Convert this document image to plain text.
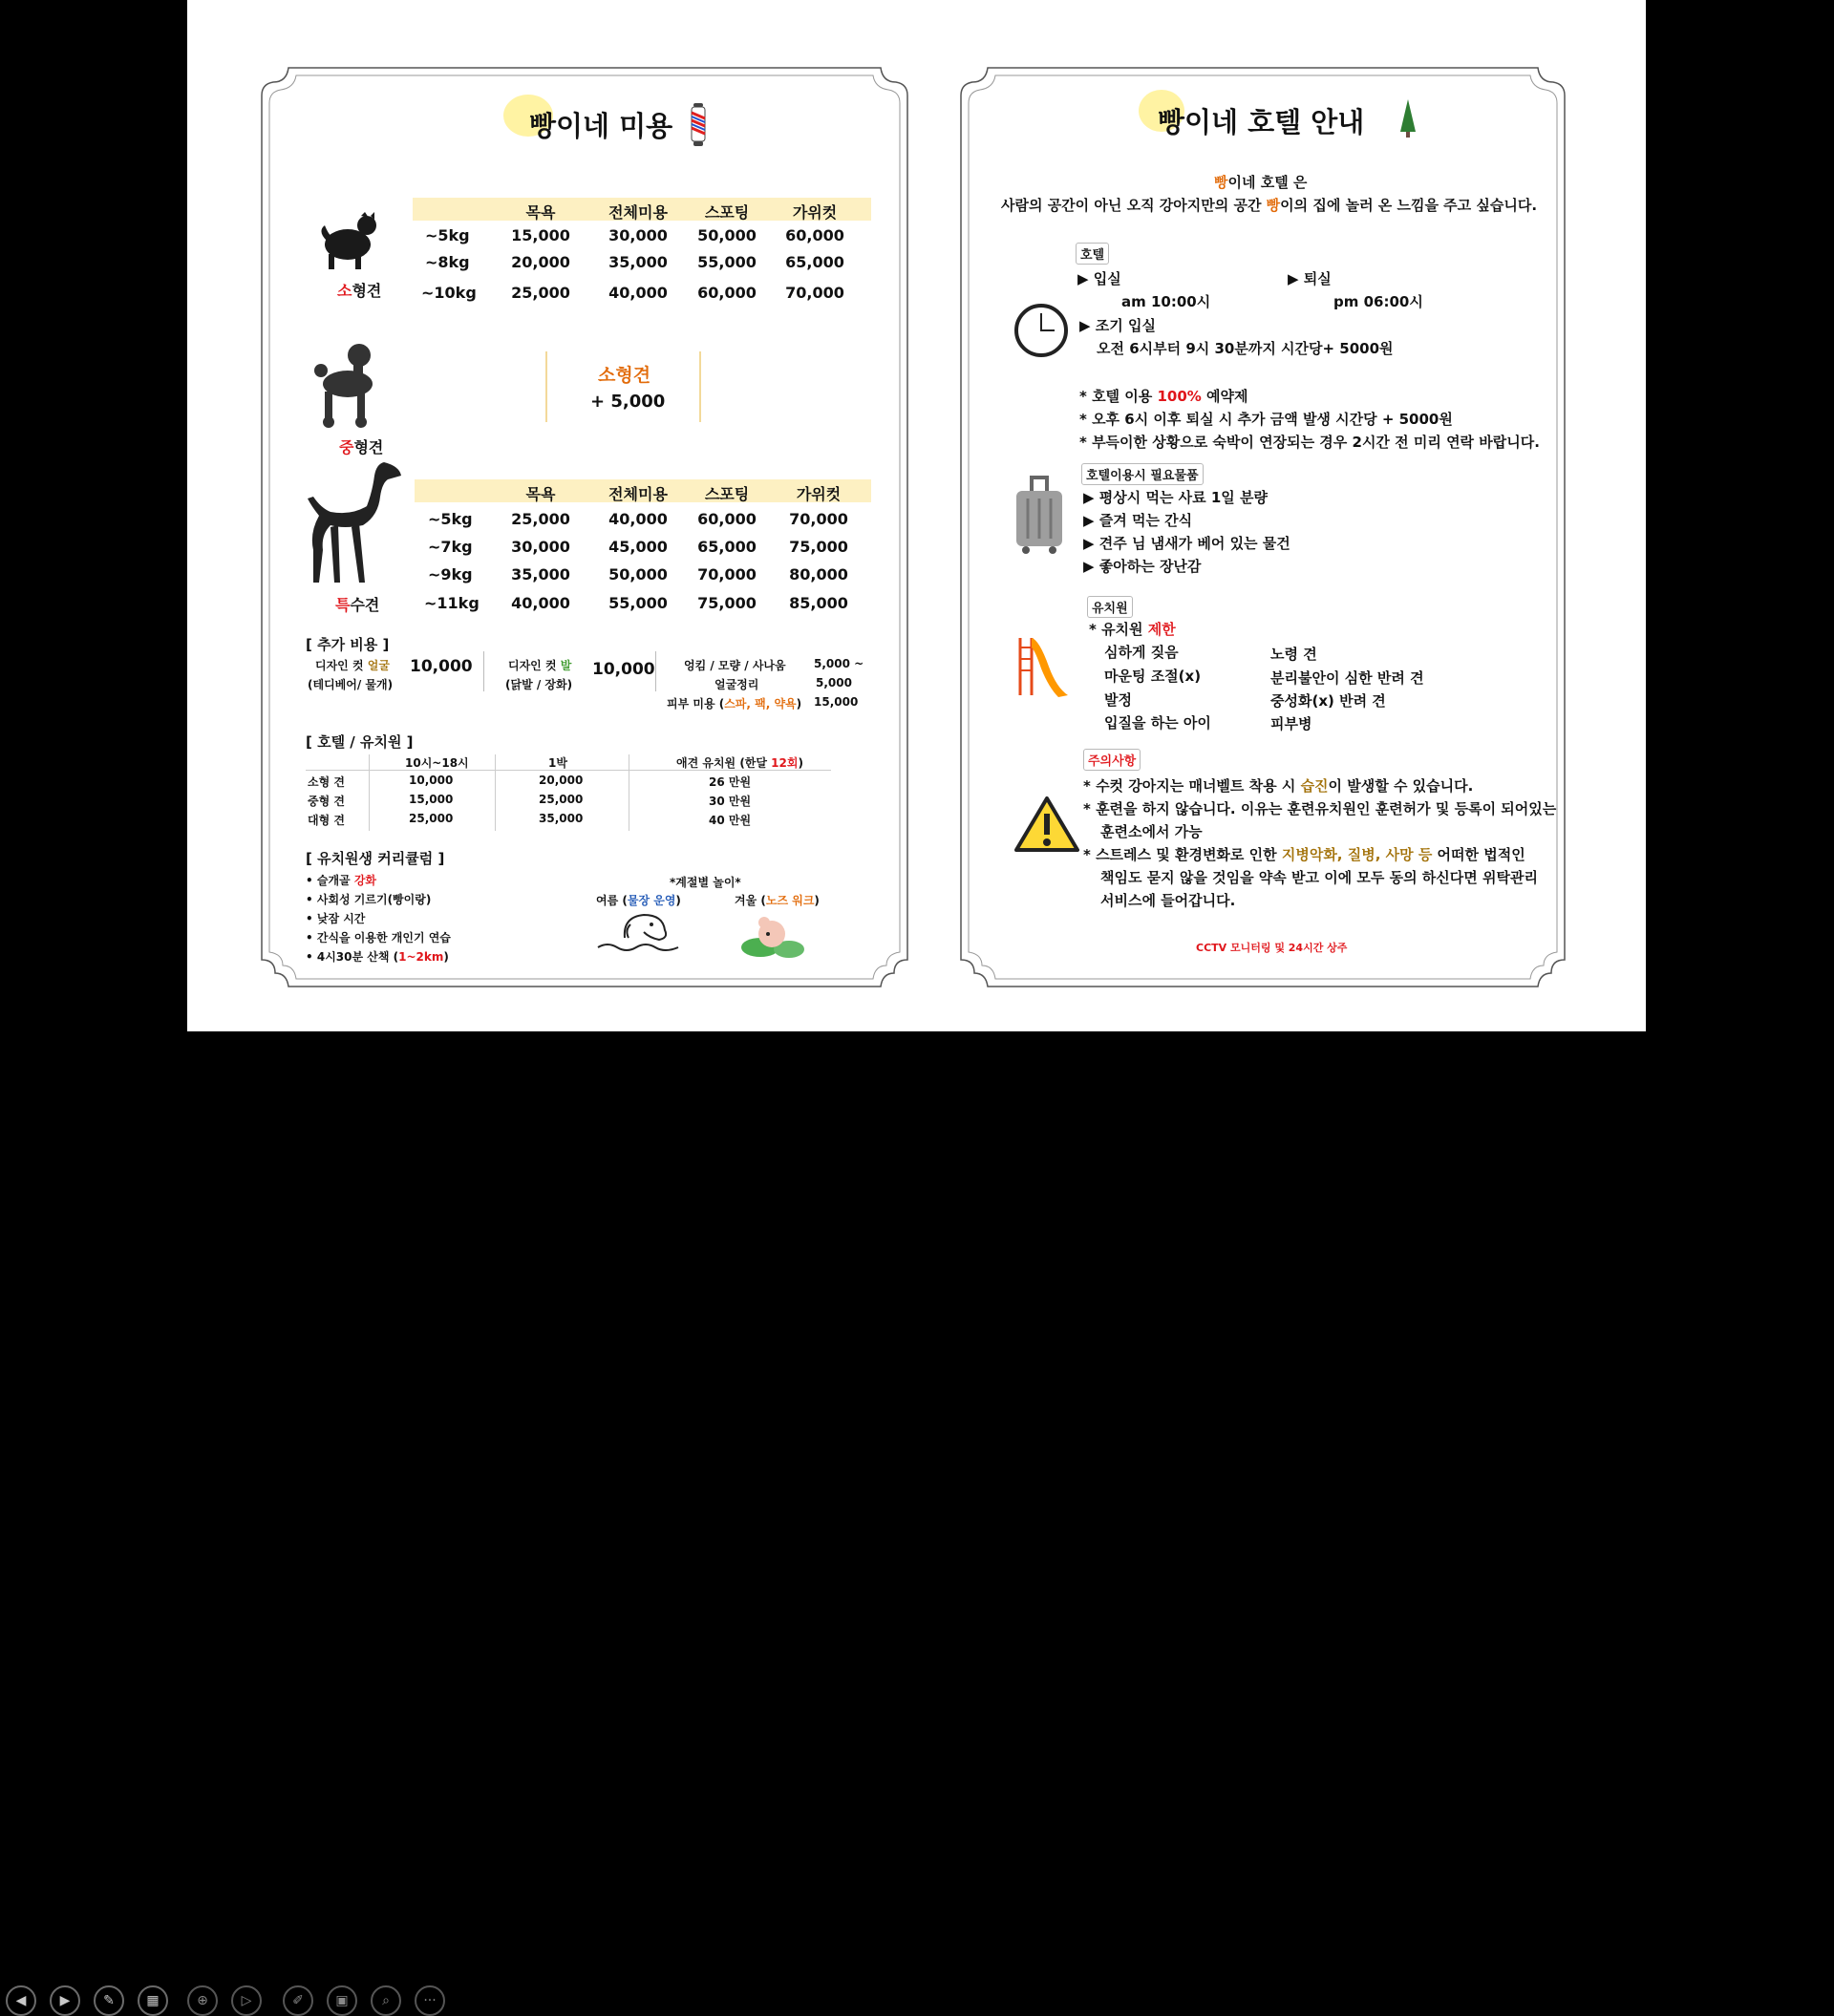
빵이네 미용
소형견
목욕	전체미용	스포팅	가위컷
~5kg	15,000	30,000	50,000	60,000
~8kg	20,000	35,000	55,000	65,000
~10kg	25,000	40,000	60,000	70,000
중형견
소형견
+ 5,000
특수견
목욕	전체미용	스포팅	가위컷
~5kg	25,000	40,000	60,000	70,000
~7kg	30,000	45,000	65,000	75,000
~9kg	35,000	50,000	70,000	80,000
~11kg	40,000	55,000	75,000	85,000
[ 추가 비용 ]
디자인 컷 얼굴
(테디베어/ 물개)
10,000	디자인 컷 발
(닭발 / 장화)
10,000	엉킴 / 모량 / 사나움 5,000 ~
얼굴정리	5,000
피부 미용 (스파, 팩, 약욕) 15,000
[ 호텔 / 유치원 ]
10시~18시	1박	애견 유치원 (한달 12회)
소형 견	10,000	20,000	26 만원
중형 견	15,000	25,000	30 만원
대형 견	25,000	35,000	40 만원
[ 유치원생 커리큘럼 ]
• 슬개골 강화
• 사회성 기르기(빵이랑)
• 낮잠 시간
• 간식을 이용한 개인기 연습
• 4시30분 산책 (1~2km)
*계절별 놀이*
여름 (물장 운영)	겨울 (노즈 워크)
빵이네 호텔 안내
빵이네 호텔 은
사람의 공간이 아닌 오직 강아지만의 공간 빵이의 집에 놀러 온 느낌을 주고 싶습니다.
호텔
▶ 입실
am 10:00시
▶ 퇴실
pm 06:00시
▶ 조기 입실
오전 6시부터 9시 30분까지 시간당+ 5000원
* 호텔 이용 100% 예약제
* 오후 6시 이후 퇴실 시 추가 금액 발생 시간당 + 5000원
* 부득이한 상황으로 숙박이 연장되는 경우 2시간 전 미리 연락 바랍니다.
호텔이용시 필요물품
▶ 평상시 먹는 사료 1일 분량
▶ 즐겨 먹는 간식
▶ 견주 님 냄새가 베어 있는 물건
▶ 좋아하는 장난감
유치원
* 유치원 제한
심하게 짖음
마운팅 조절(x)
발정
입질을 하는 아이
노령 견
분리불안이 심한 반려 견
중성화(x) 반려 견
피부병
주의사항
* 수컷 강아지는 매너벨트 착용 시 습진이 발생할 수 있습니다.
* 훈련을 하지 않습니다. 이유는 훈련유치원인 훈련허가 및 등록이 되어있는
훈련소에서 가능
* 스트레스 및 환경변화로 인한 지병악화, 질병, 사망 등 어떠한 법적인
책임도 묻지 않을 것임을 약속 받고 이에 모두 동의 하신다면 위탁관리
서비스에 들어갑니다.
CCTV 모니터링 및 24시간 상주
